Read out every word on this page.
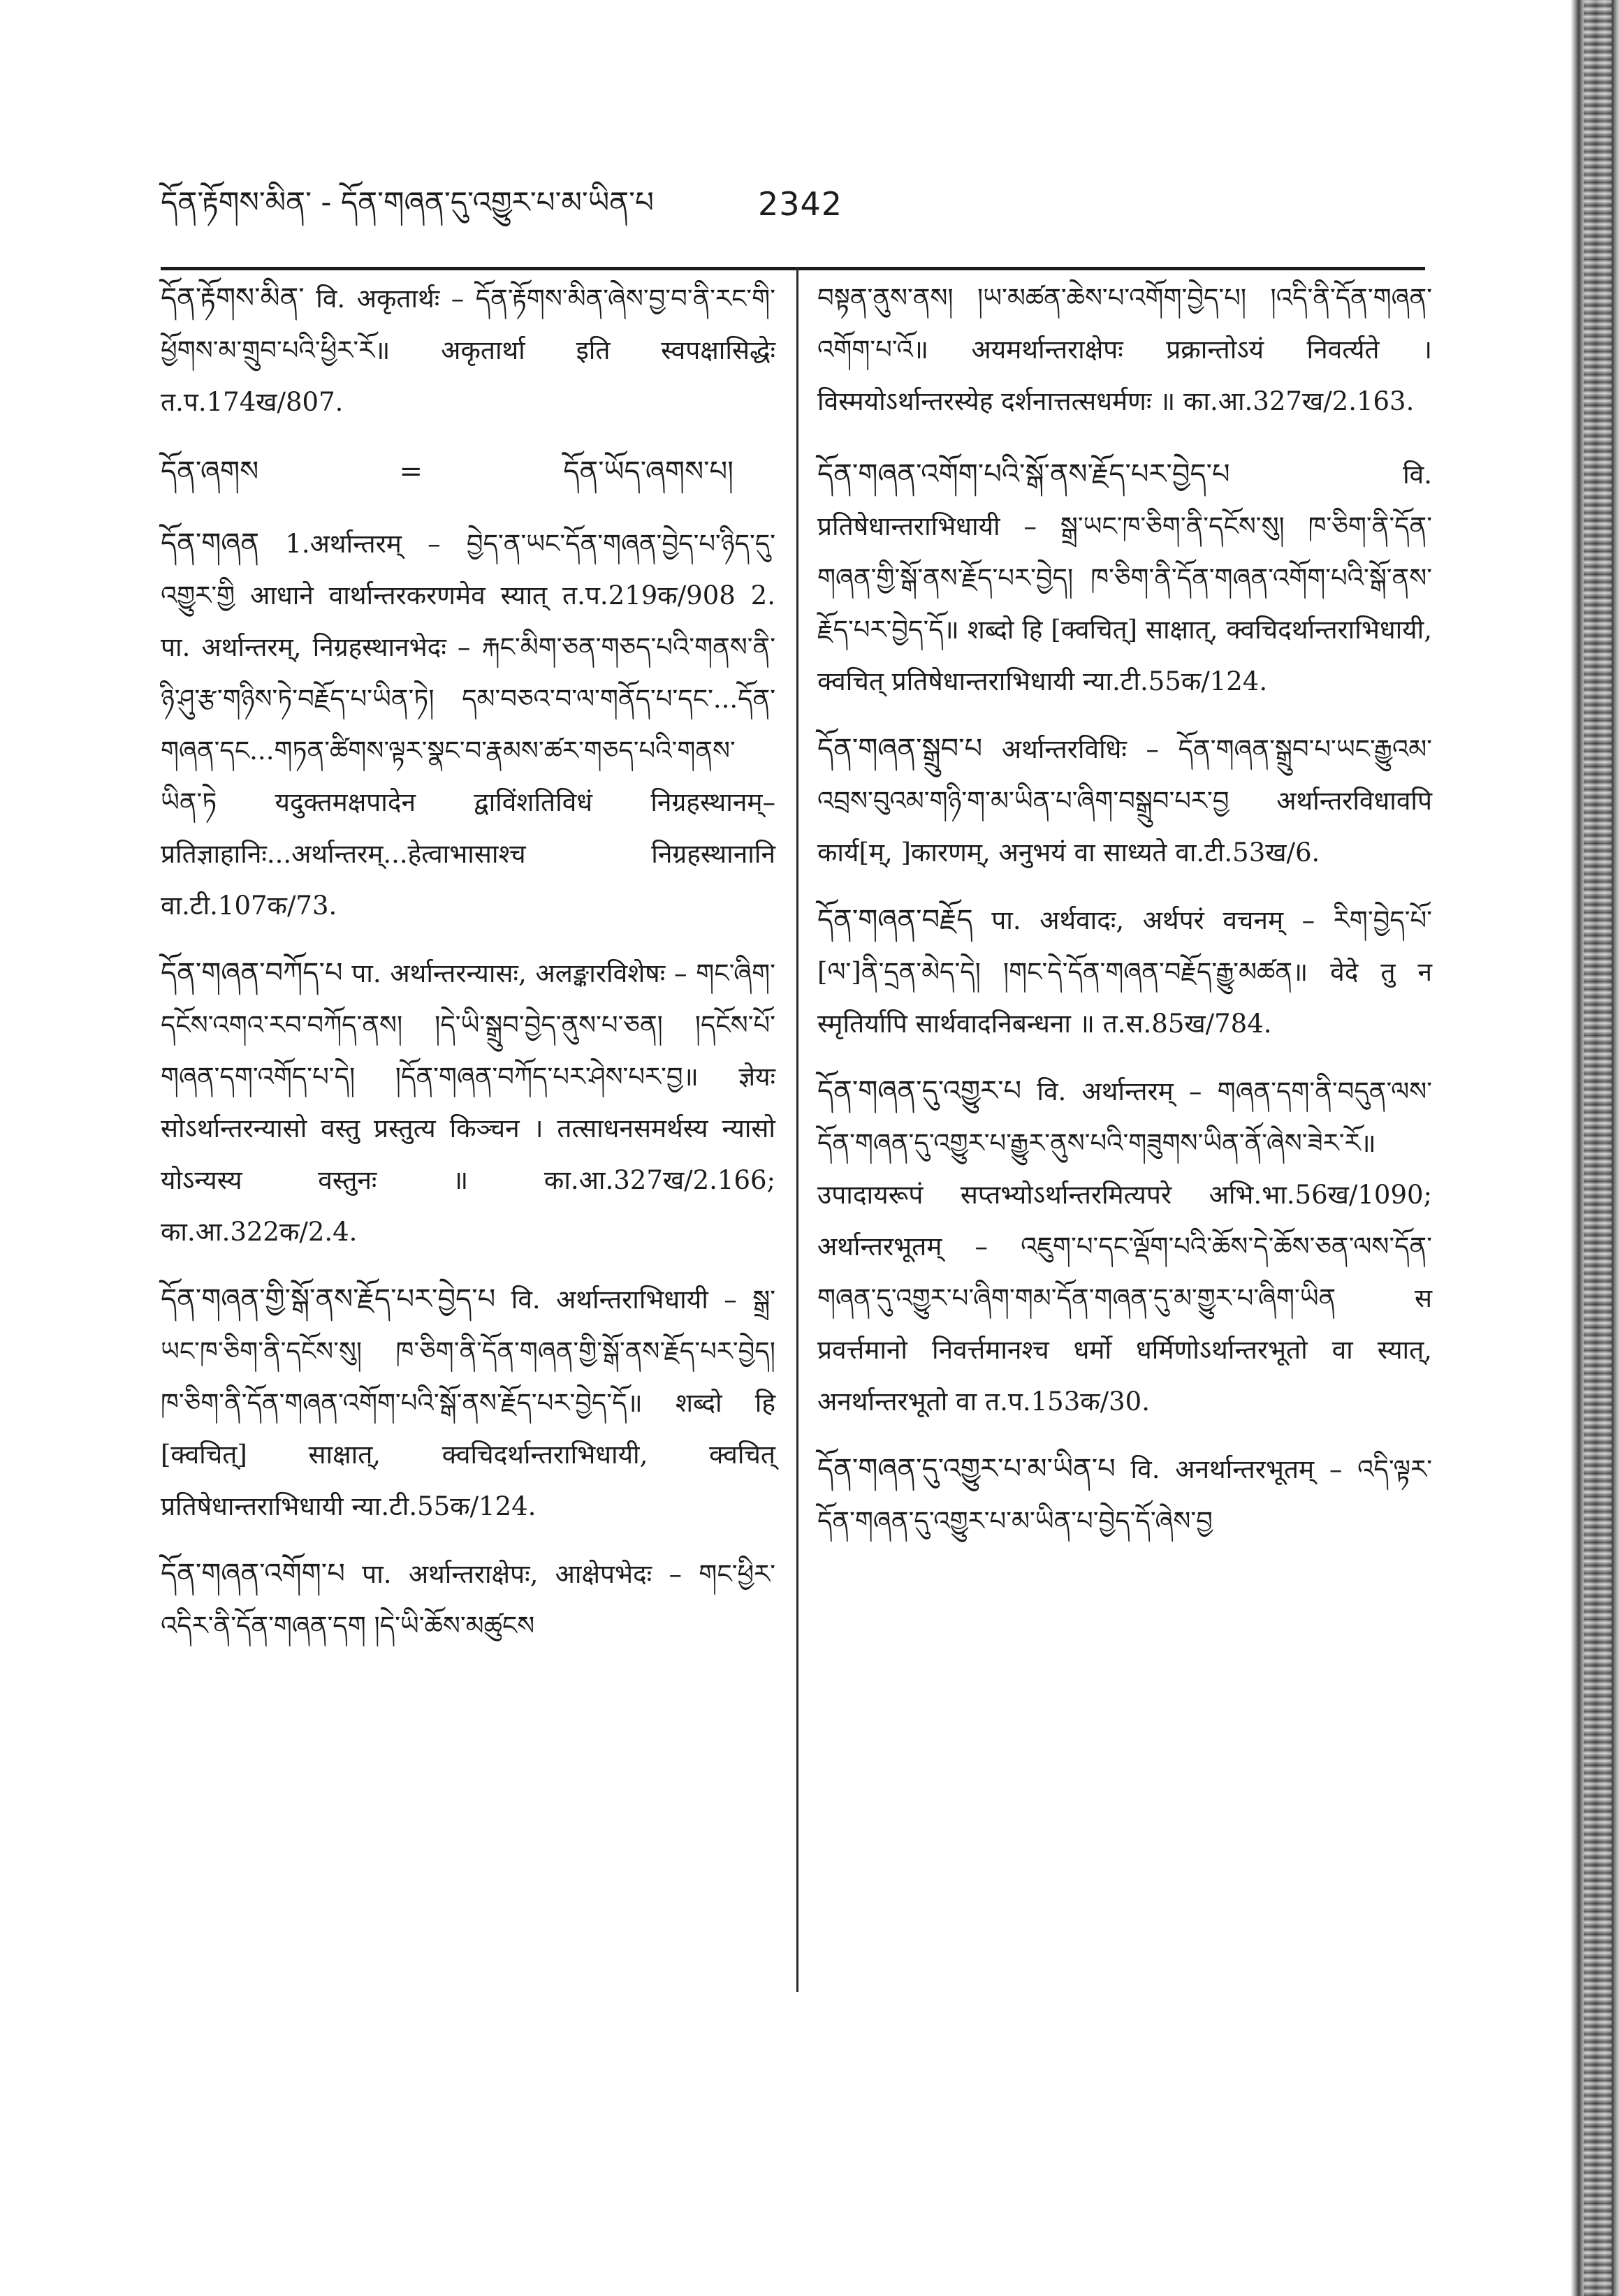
དོན་རྟོགས་མིན་ - དོན་གཞན་དུ་འགྱུར་པ་མ་ཡིན་པ	2342
དོན་རྟོགས་མིན་ वि. अकृतार्थः – དོན་རྟོགས་མིན་ཞེས་བྱ་བ་ནི་རང་གི་ཕྱོགས་མ་གྲུབ་པའི་ཕྱིར་རོ॥ अकृतार्था इति स्वपक्षासिद्धेः त.प.174ख/807.
དོན་ཞགས	=	དོན་ཡོད་ཞགས་པ།
དོན་གཞན 1.अर्थान्तरम् – བྱེད་ན་ཡང་དོན་གཞན་བྱེད་པ་ཉིད་དུ་འགྱུར་གྱི आधाने वार्थान्तरकरणमेव स्यात् त.प.219क/908 2. पा. अर्थान्तरम्, निग्रहस्थानभेदः – རྐང་མིག་ཅན་གཅད་པའི་གནས་ནི་ཉི་ཤུ་རྩ་གཉིས་ཏེ་བརྗོད་པ་ཡིན་ཏེ། དམ་བཅའ་བ་ལ་གནོད་པ་དང་...དོན་གཞན་དང...གཏན་ཚིགས་ལྟར་སྣང་བ་རྣམས་ཚར་གཅད་པའི་གནས་ཡིན་ཏེ यदुक्तमक्षपादेन द्वाविंशतिविधं निग्रहस्थानम्–प्रतिज्ञाहानिः...अर्थान्तरम्...हेत्वाभासाश्च निग्रहस्थानानि वा.टी.107क/73.
དོན་གཞན་བཀོད་པ पा. अर्थान्तरन्यासः, अलङ्कारविशेषः – གང་ཞིག་དངོས་འགའ་རབ་བཀོད་ནས། །དེ་ཡི་སྒྲུབ་བྱེད་ནུས་པ་ཅན། །དངོས་པོ་གཞན་དག་འགོད་པ་དེ། །དོན་གཞན་བཀོད་པར་ཤེས་པར་བྱ॥ ज्ञेयः सोऽर्थान्तरन्यासो वस्तु प्रस्तुत्य किञ्चन । तत्साधनसमर्थस्य न्यासो योऽन्यस्य वस्तुनः ॥ का.आ.327ख/2.166; का.आ.322क/2.4.
དོན་གཞན་གྱི་སྒོ་ནས་རྗོད་པར་བྱེད་པ वि. अर्थान्तराभिधायी – སྒྲ་ཡང་ཁ་ཅིག་ནི་དངོས་སུ། ཁ་ཅིག་ནི་དོན་གཞན་གྱི་སྒོ་ནས་རྗོད་པར་བྱེད། ཁ་ཅིག་ནི་དོན་གཞན་འགོག་པའི་སྒོ་ནས་རྗོད་པར་བྱེད་དོ॥ शब्दो हि [क्वचित्] साक्षात्, क्वचिदर्थान्तराभिधायी, क्वचित् प्रतिषेधान्तराभिधायी न्या.टी.55क/124.
དོན་གཞན་འགོག་པ पा. अर्थान्तराक्षेपः, आक्षेपभेदः – གང་ཕྱིར་འདིར་ནི་དོན་གཞན་དག །དེ་ཡི་ཆོས་མཚུངས
བསྟན་ནུས་ནས། །ཡ་མཚན་ཆེས་པ་འགོག་བྱེད་པ། །འདི་ནི་དོན་གཞན་འགོག་པ་འོ॥ अयमर्थान्तराक्षेपः प्रक्रान्तोऽयं निवर्त्यते । विस्मयोऽर्थान्तरस्येह दर्शनात्तत्सधर्मणः ॥ का.आ.327ख/2.163.
དོན་གཞན་འགོག་པའི་སྒོ་ནས་རྗོད་པར་བྱེད་པ	वि. प्रतिषेधान्तराभिधायी – སྒྲ་ཡང་ཁ་ཅིག་ནི་དངོས་སུ། ཁ་ཅིག་ནི་དོན་གཞན་གྱི་སྒོ་ནས་རྗོད་པར་བྱེད། ཁ་ཅིག་ནི་དོན་གཞན་འགོག་པའི་སྒོ་ནས་རྗོད་པར་བྱེད་དོ॥ शब्दो हि [क्वचित्] साक्षात्, क्वचिदर्थान्तराभिधायी, क्वचित् प्रतिषेधान्तराभिधायी न्या.टी.55क/124.
དོན་གཞན་སྒྲུབ་པ अर्थान्तरविधिः – དོན་གཞན་སྒྲུབ་པ་ཡང་རྒྱུའམ་འབྲས་བུའམ་གཉི་ག་མ་ཡིན་པ་ཞིག་བསྒྲུབ་པར་བྱ अर्थान्तरविधावपि कार्य[म्, ]कारणम्, अनुभयं वा साध्यते वा.टी.53ख/6.
དོན་གཞན་བརྗོད पा. अर्थवादः, अर्थपरं वचनम् – རིག་བྱེད་པོ་[ལ་]ནི་དྲན་མེད་དེ། །གང་དེ་དོན་གཞན་བརྗོད་རྒྱུ་མཚན॥ वेदे तु न स्मृतिर्यापि सार्थवादनिबन्धना ॥ त.स.85ख/784.
དོན་གཞན་དུ་འགྱུར་པ वि. अर्थान्तरम् – གཞན་དག་ནི་བདུན་ལས་དོན་གཞན་དུ་འགྱུར་པ་རྒྱུར་ནུས་པའི་གཟུགས་ཡིན་ནོ་ཞེས་ཟེར་རོ॥ उपादायरूपं सप्तभ्योऽर्थान्तरमित्यपरे अभि.भा.56ख/1090; अर्थान्तरभूतम् – འཇུག་པ་དང་ལྡོག་པའི་ཆོས་དེ་ཆོས་ཅན་ལས་དོན་གཞན་དུ་འགྱུར་པ་ཞིག་གམ་དོན་གཞན་དུ་མ་གྱུར་པ་ཞིག་ཡིན स प्रवर्त्तमानो निवर्त्तमानश्च धर्मो धर्मिणोऽर्थान्तरभूतो वा स्यात्, अनर्थान्तरभूतो वा त.प.153क/30.
དོན་གཞན་དུ་འགྱུར་པ་མ་ཡིན་པ वि. अनर्थान्तरभूतम् – འདི་ལྟར་དོན་གཞན་དུ་འགྱུར་པ་མ་ཡིན་པ་བྱེད་དོ་ཞེས་བྱ
